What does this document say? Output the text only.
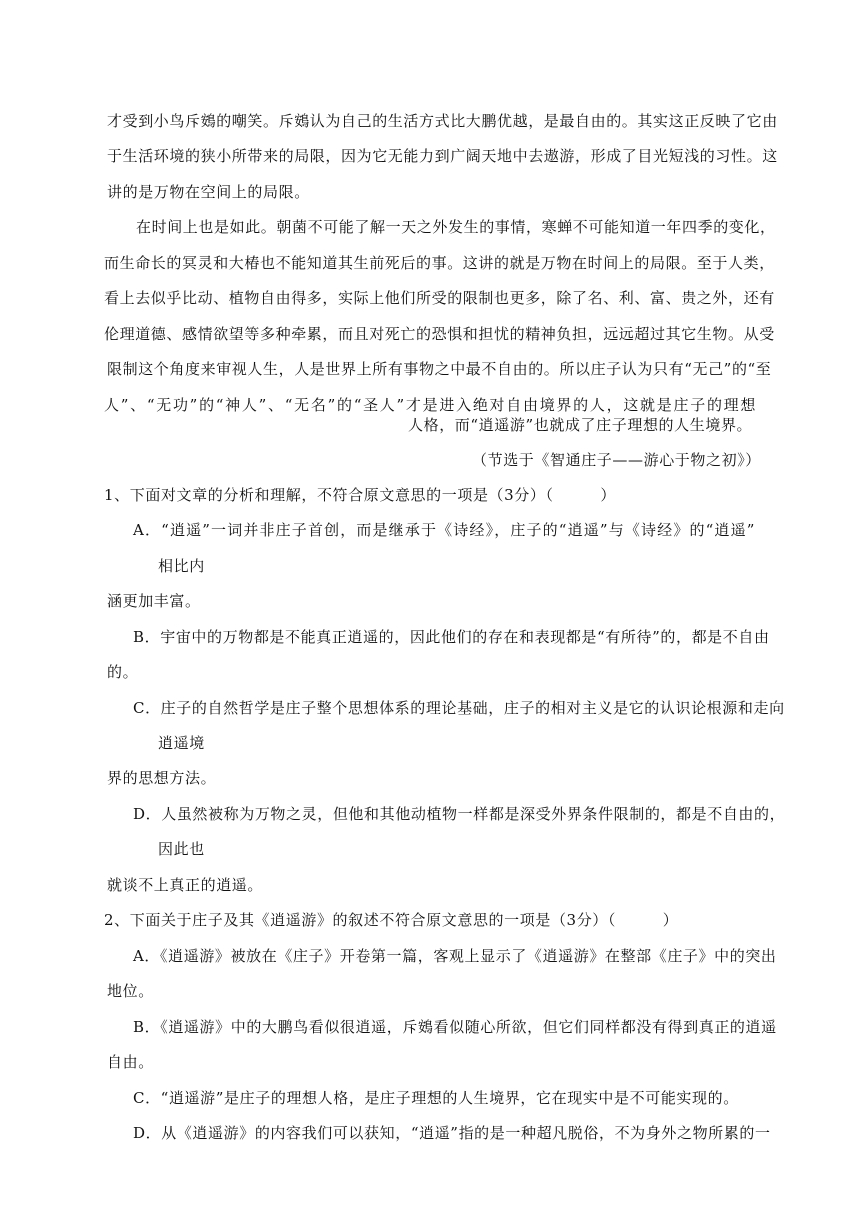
才受到小鸟斥鴳的嘲笑。斥鴳认为自己的生活方式比大鹏优越，是最自由的。其实这正反映了它由
于生活环境的狭小所带来的局限，因为它无能力到广阔天地中去遨游，形成了目光短浅的习性。这
讲的是万物在空间上的局限。
在时间上也是如此。朝菌不可能了解一天之外发生的事情，寒蝉不可能知道一年四季的变化，
而生命长的冥灵和大椿也不能知道其生前死后的事。这讲的就是万物在时间上的局限。至于人类，
看上去似乎比动、植物自由得多，实际上他们所受的限制也更多，除了名、利、富、贵之外，还有
伦理道德、感情欲望等多种牵累，而且对死亡的恐惧和担忧的精神负担，远远超过其它生物。从受
限制这个角度来审视人生，人是世界上所有事物之中最不自由的。所以庄子认为只有“无己”的“至
人”、“无功”的“神人”、“无名”的“圣人”才是进入绝对自由境界的人，这就是庄子的理想
人格，而“逍遥游”也就成了庄子理想的人生境界。
（节选于《智通庄子——游心于物之初》）
1、下面对文章的分析和理解，不符合原文意思的一项是（3分）（　　　）
A．“逍遥”一词并非庄子首创，而是继承于《诗经》，庄子的“逍遥”与《诗经》的“逍遥”
相比内
涵更加丰富。
B．宇宙中的万物都是不能真正逍遥的，因此他们的存在和表现都是“有所待”的，都是不自由
的。
C．庄子的自然哲学是庄子整个思想体系的理论基础，庄子的相对主义是它的认识论根源和走向
逍遥境
界的思想方法。
D．人虽然被称为万物之灵，但他和其他动植物一样都是深受外界条件限制的，都是不自由的，
因此也
就谈不上真正的逍遥。
2、下面关于庄子及其《逍遥游》的叙述不符合原文意思的一项是（3分）（　　　）
A．《逍遥游》被放在《庄子》开卷第一篇，客观上显示了《逍遥游》在整部《庄子》中的突出
地位。
B．《逍遥游》中的大鹏鸟看似很逍遥，斥鴳看似随心所欲，但它们同样都没有得到真正的逍遥
自由。
C．“逍遥游”是庄子的理想人格，是庄子理想的人生境界，它在现实中是不可能实现的。
D．从《逍遥游》的内容我们可以获知，“逍遥”指的是一种超凡脱俗，不为身外之物所累的一
